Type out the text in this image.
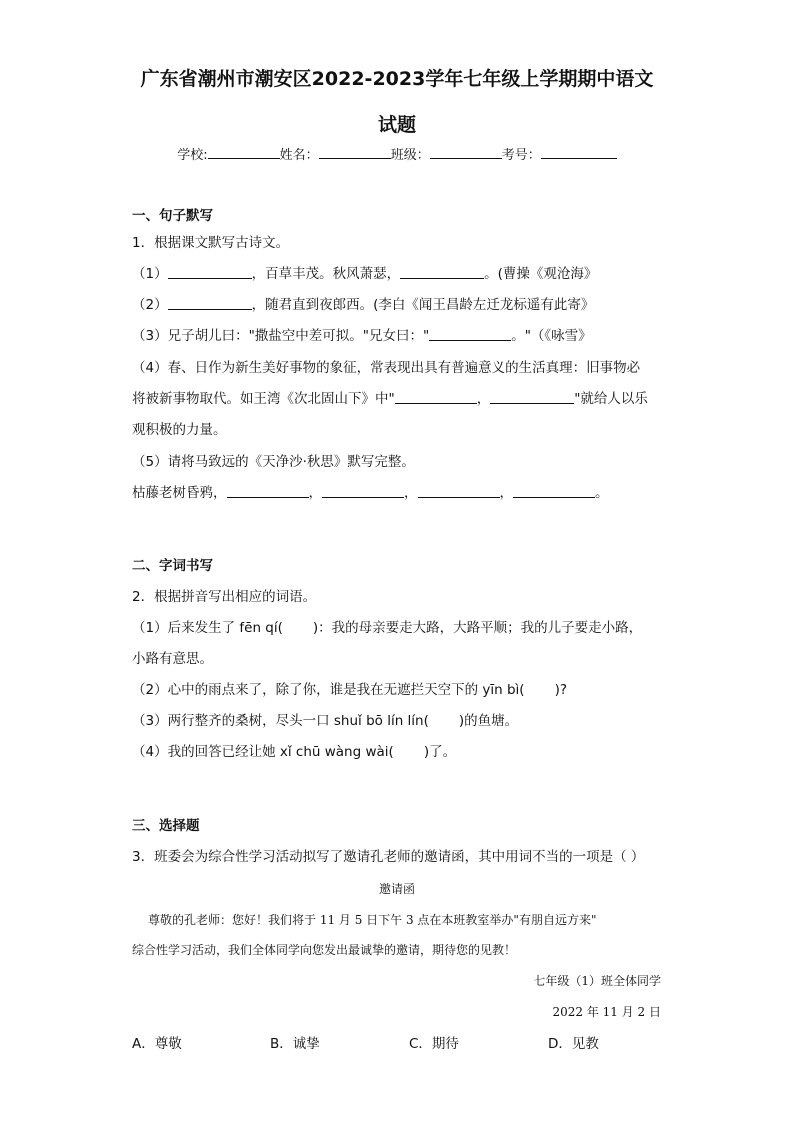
广东省潮州市潮安区2022-2023学年七年级上学期期中语文
试题
学校:	姓名：	班级：	考号：
一、句子默写
1．根据课文默写古诗文。
（1）	，百草丰茂。秋风萧瑟，	。(曹操《观沧海》
（2）	，随君直到夜郎西。(李白《闻王昌龄左迁龙标遥有此寄》
（3）兄子胡儿曰："撒盐空中差可拟。"兄女曰："	。"（《咏雪》
（4）春、日作为新生美好事物的象征，常表现出具有普遍意义的生活真理：旧事物必
将被新事物取代。如王湾《次北固山下》中"	，	"就给人以乐
观积极的力量。
（5）请将马致远的《天净沙·秋思》默写完整。
枯藤老树昏鸦，	，	，	，	。
二、字词书写
2．根据拼音写出相应的词语。
（1）后来发生了 fēn qí( )：我的母亲要走大路，大路平顺；我的儿子要走小路，
小路有意思。
（2）心中的雨点来了，除了你，谁是我在无遮拦天空下的 yīn bì( )?
（3）两行整齐的桑树，尽头一口 shuǐ bō lín lín( )的鱼塘。
（4）我的回答已经让她 xǐ chū wàng wài( )了。
三、选择题
3．班委会为综合性学习活动拟写了邀请孔老师的邀请函，其中用词不当的一项是（ ）
邀请函
尊敬的孔老师：您好！我们将于 11 月 5 日下午 3 点在本班教室举办"有朋自远方来"
综合性学习活动，我们全体同学向您发出最诚挚的邀请，期待您的见教！
七年级（1）班全体同学
2022 年 11 月 2 日
A．尊敬	B．诚挚	C．期待	D．见教
